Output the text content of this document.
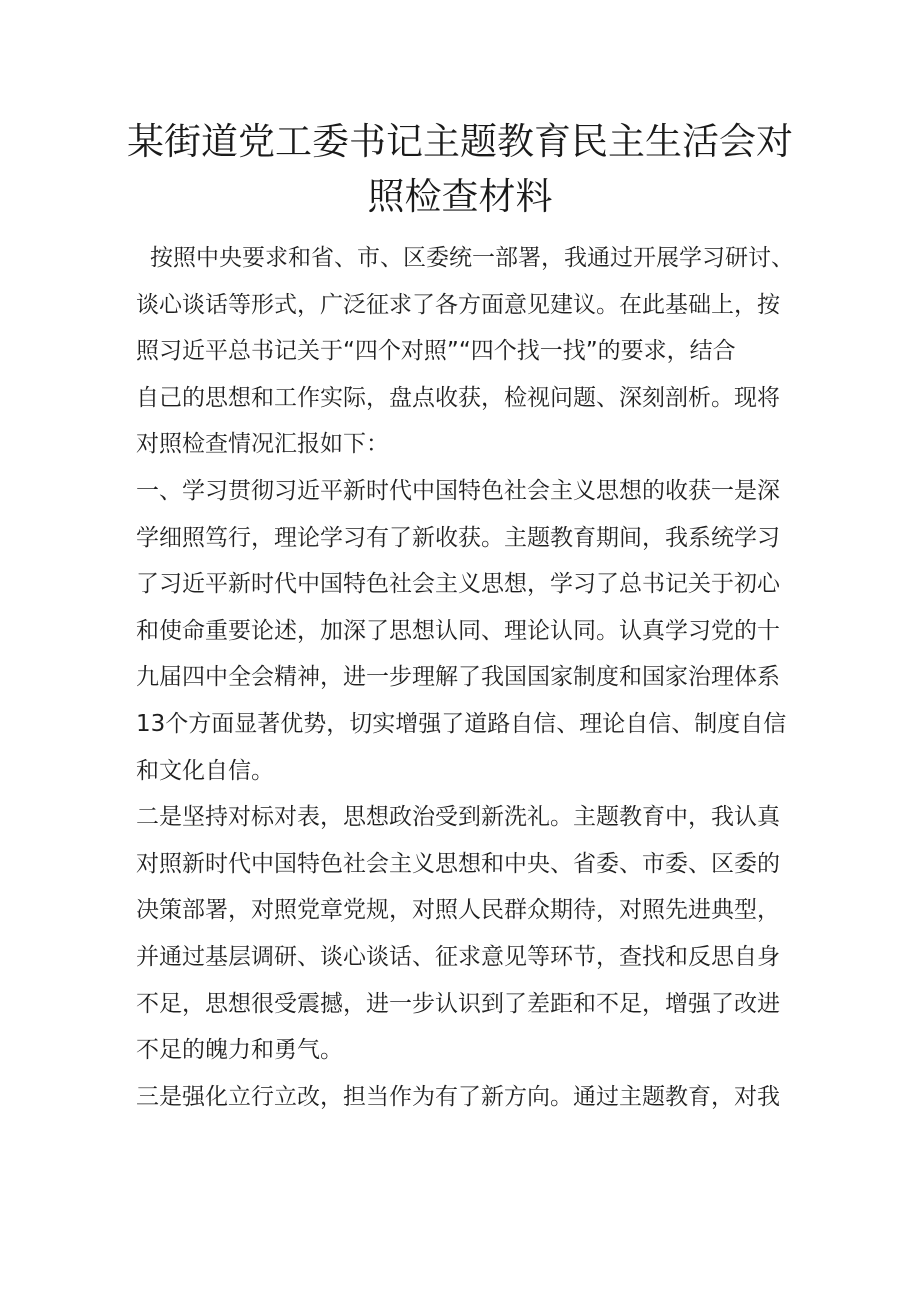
某街道党工委书记主题教育民主生活会对
照检查材料
按照中央要求和省、市、区委统一部署，我通过开展学习研讨、
谈心谈话等形式，广泛征求了各方面意见建议。在此基础上，按
照习近平总书记关于“四个对照”“四个找一找”的要求，结合
自己的思想和工作实际，盘点收获，检视问题、深刻剖析。现将
对照检查情况汇报如下：
一、学习贯彻习近平新时代中国特色社会主义思想的收获一是深
学细照笃行，理论学习有了新收获。主题教育期间，我系统学习
了习近平新时代中国特色社会主义思想，学习了总书记关于初心
和使命重要论述，加深了思想认同、理论认同。认真学习党的十
九届四中全会精神，进一步理解了我国国家制度和国家治理体系
13个方面显著优势，切实增强了道路自信、理论自信、制度自信
和文化自信。
二是坚持对标对表，思想政治受到新洗礼。主题教育中，我认真
对照新时代中国特色社会主义思想和中央、省委、市委、区委的
决策部署，对照党章党规，对照人民群众期待，对照先进典型，
并通过基层调研、谈心谈话、征求意见等环节，查找和反思自身
不足，思想很受震撼，进一步认识到了差距和不足，增强了改进
不足的魄力和勇气。
三是强化立行立改，担当作为有了新方向。通过主题教育，对我
